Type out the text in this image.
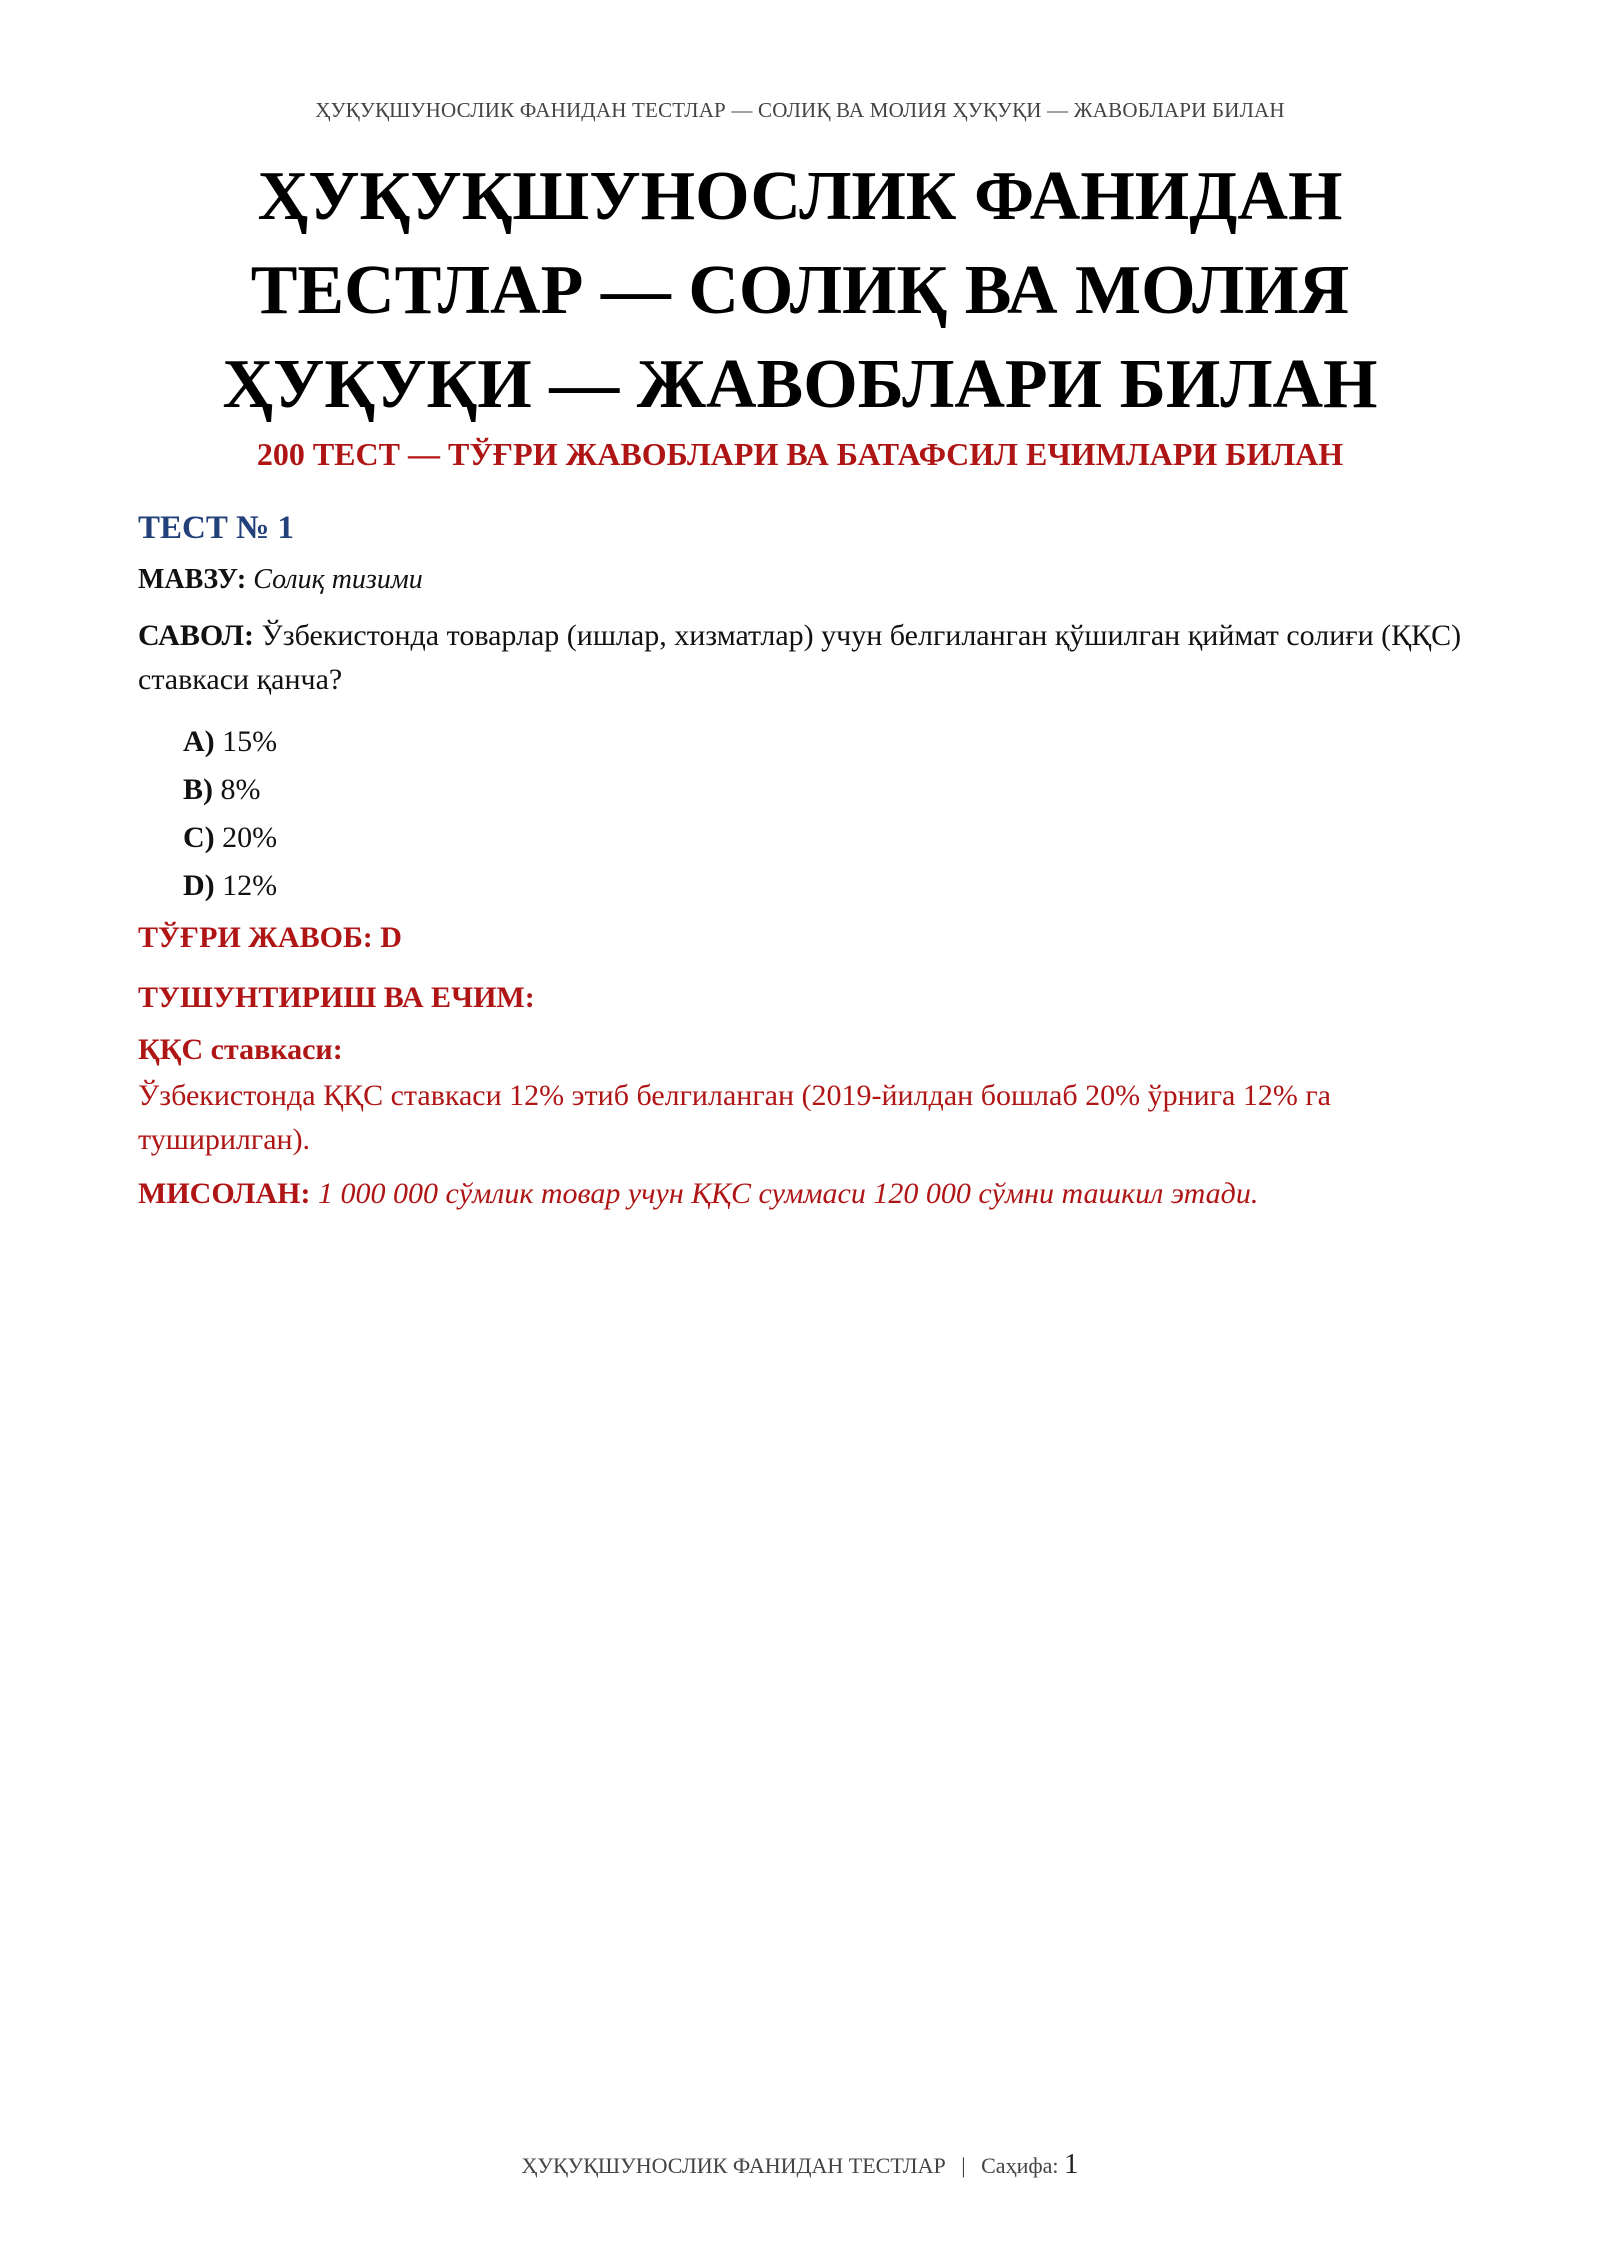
ҲУҚУҚШУНОСЛИК ФАНИДАН ТЕСТЛАР — СОЛИҚ ВА МОЛИЯ ҲУҚУҚИ — ЖАВОБЛАРИ БИЛАН
ҲУҚУҚШУНОСЛИК ФАНИДАН
ТЕСТЛАР — СОЛИҚ ВА МОЛИЯ
ҲУҚУҚИ — ЖАВОБЛАРИ БИЛАН
200 ТЕСТ — ТЎҒРИ ЖАВОБЛАРИ ВА БАТАФСИЛ ЕЧИМЛАРИ БИЛАН
ТЕСТ № 1
МАВЗУ: Солиқ тизими
САВОЛ: Ўзбекистонда товарлар (ишлар, хизматлар) учун белгиланган қўшилган қиймат солиғи (ҚҚС) ставкаси қанча?
A) 15%
B) 8%
C) 20%
D) 12%
ТЎҒРИ ЖАВОБ: D
ТУШУНТИРИШ ВА ЕЧИМ:
ҚҚС ставкаси:
Ўзбекистонда ҚҚС ставкаси 12% этиб белгиланган (2019-йилдан бошлаб 20% ўрнига 12% га туширилган).
МИСОЛАН: 1 000 000 сўмлик товар учун ҚҚС суммаси 120 000 сўмни ташкил этади.
ҲУҚУҚШУНОСЛИК ФАНИДАН ТЕСТЛАР | Саҳифа: 1
